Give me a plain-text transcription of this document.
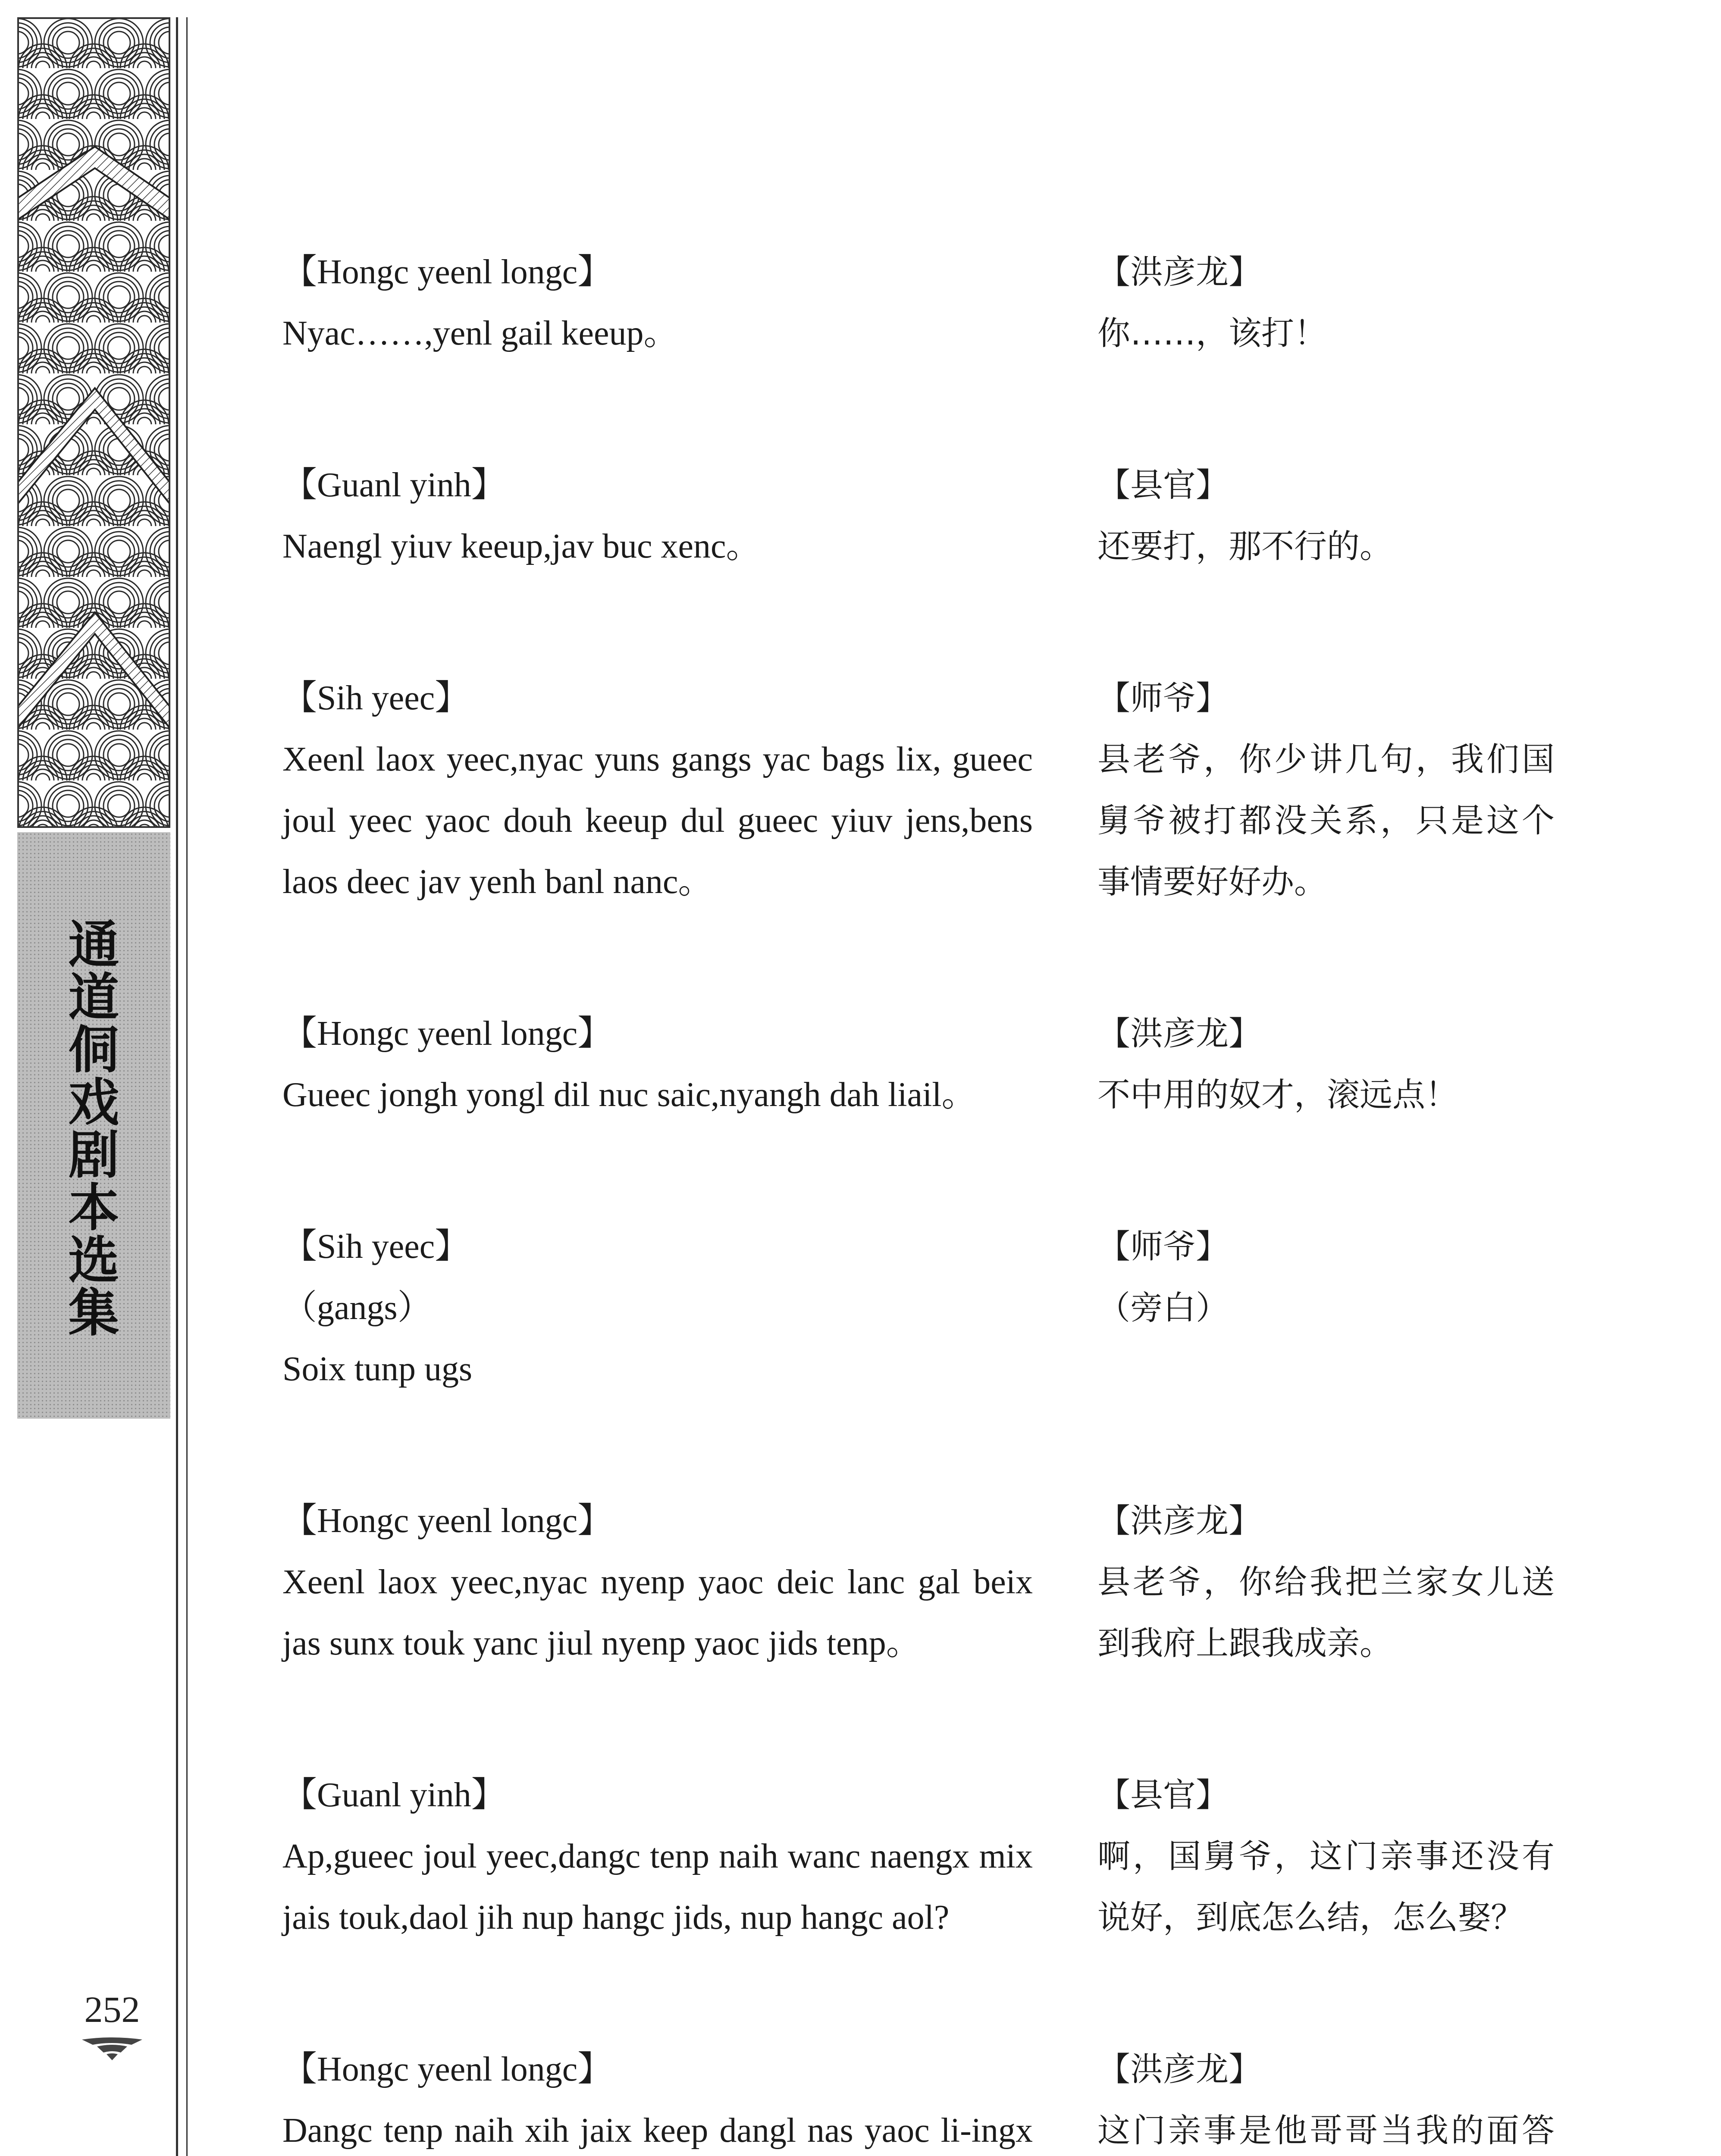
通
道
侗
戏
剧
本
选
集
252
【Hongc yeenl longc】
Nyac……,yenl gail keeup。
【洪彦龙】
你……，该打！
【Guanl yinh】
Naengl yiuv keeup,jav buc xenc。
【县官】
还要打，那不行的。
【Sih yeec】
Xeenl laox yeec,nyac yuns gangs yac bags lix, gueec joul yeec yaoc douh keeup dul gueec yiuv jens,bens laos deec jav yenh banl nanc。
【师爷】
县老爷，你少讲几句，我们国舅爷被打都没关系，只是这个事情要好好办。
【Hongc yeenl longc】
Gueec jongh yongl dil nuc saic,nyangh dah liail。
【洪彦龙】
不中用的奴才，滚远点！
【Sih yeec】
（gangs）
Soix tunp ugs
【师爷】
（旁白）
【Hongc yeenl longc】
Xeenl laox yeec,nyac nyenp yaoc deic lanc gal beix jas sunx touk yanc jiul nyenp yaoc jids tenp。
【洪彦龙】
县老爷，你给我把兰家女儿送到我府上跟我成亲。
【Guanl yinh】
Ap,gueec joul yeec,dangc tenp naih wanc naengx mix jais touk,daol jih nup hangc jids, nup hangc aol?
【县官】
啊，国舅爷，这门亲事还没有说好，到底怎么结，怎么娶？
【Hongc yeenl longc】
Dangc tenp naih xih jaix keep dangl nas yaoc li-ingx
【洪彦龙】
这门亲事是他哥哥当我的面答
